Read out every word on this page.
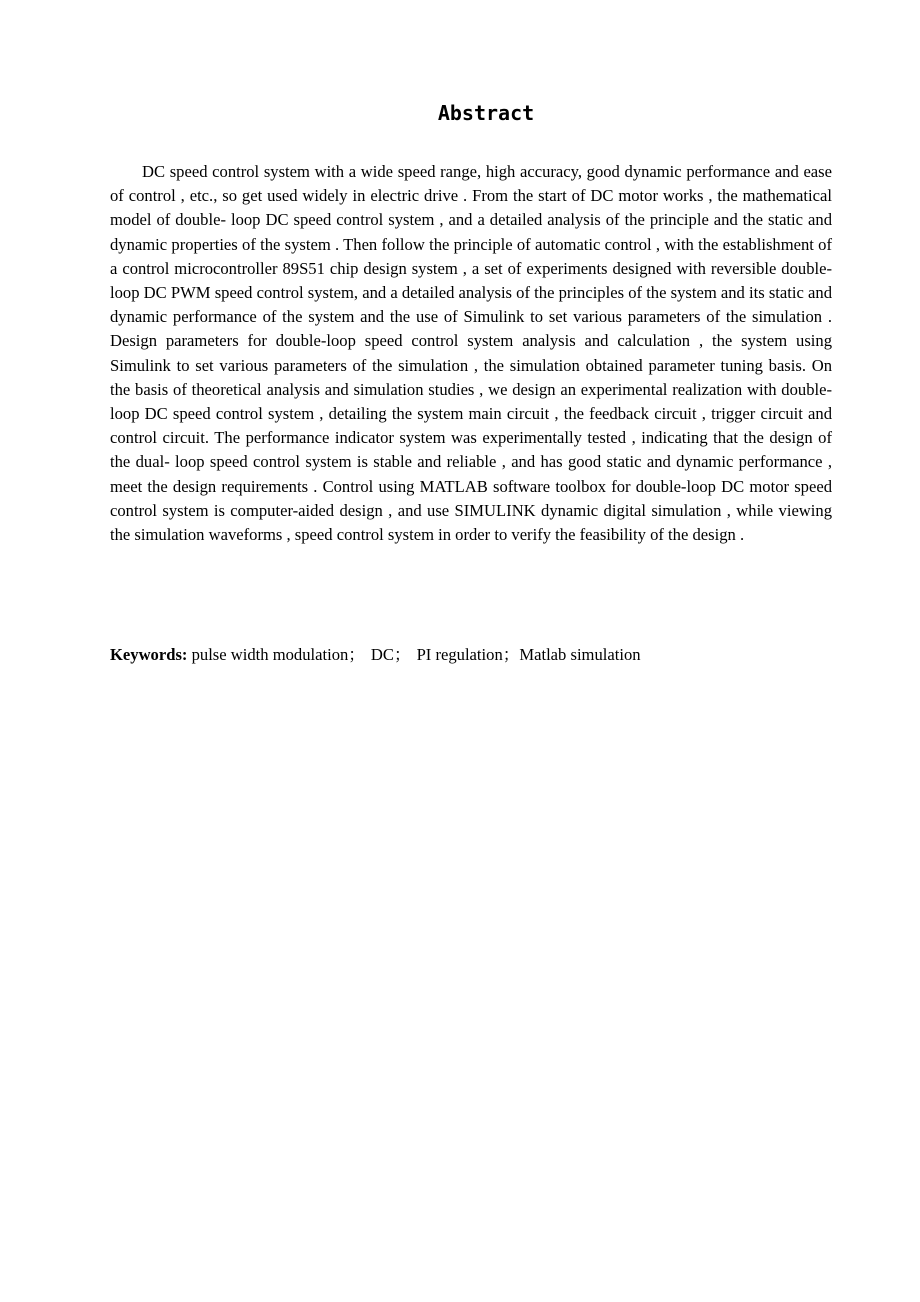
Abstract

DC speed control system with a wide speed range, high accuracy, good dynamic performance and ease of control , etc., so get used widely in electric drive . From the start of DC motor works , the mathematical model of double- loop DC speed control system , and a detailed analysis of the principle and the static and dynamic properties of the system . Then follow the principle of automatic control , with the establishment of a control microcontroller 89S51 chip design system , a set of experiments designed with reversible double-loop DC PWM speed control system, and a detailed analysis of the principles of the system and its static and dynamic performance of the system and the use of Simulink to set various parameters of the simulation . Design parameters for double-loop speed control system analysis and calculation , the system using Simulink to set various parameters of the simulation , the simulation obtained parameter tuning basis. On the basis of theoretical analysis and simulation studies , we design an experimental realization with double-loop DC speed control system , detailing the system main circuit , the feedback circuit , trigger circuit and control circuit. The performance indicator system was experimentally tested , indicating that the design of the dual- loop speed control system is stable and reliable , and has good static and dynamic performance , meet the design requirements . Control using MATLAB software toolbox for double-loop DC motor speed control system is computer-aided design , and use SIMULINK dynamic digital simulation , while viewing the simulation waveforms , speed control system in order to verify the feasibility of the design .

Keywords: pulse width modulation； DC； PI regulation；Matlab simulation
